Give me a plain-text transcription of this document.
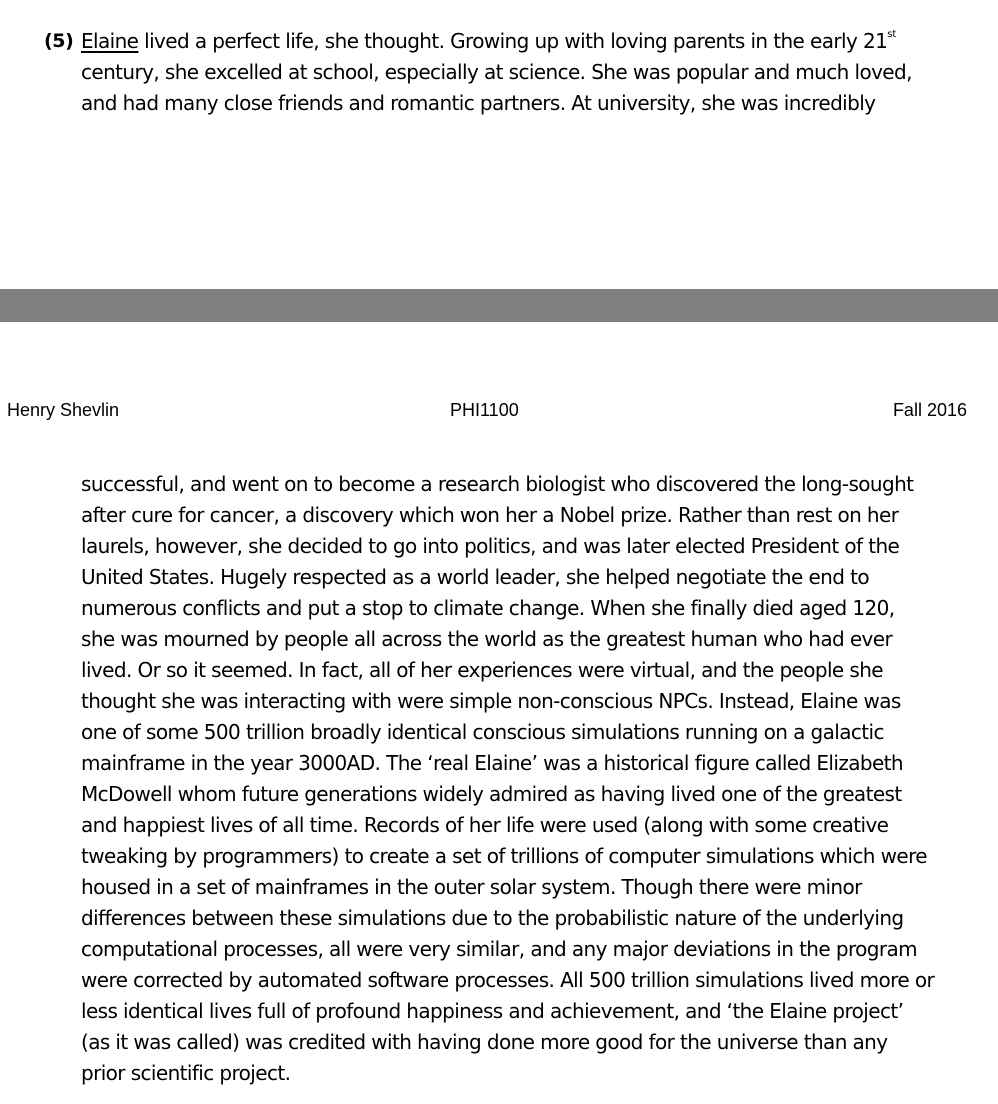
(5) Elaine lived a perfect life, she thought. Growing up with loving parents in the early 21st
century, she excelled at school, especially at science. She was popular and much loved,
and had many close friends and romantic partners. At university, she was incredibly
Henry Shevlin	PHI1100	Fall 2016
successful, and went on to become a research biologist who discovered the long-sought
after cure for cancer, a discovery which won her a Nobel prize. Rather than rest on her
laurels, however, she decided to go into politics, and was later elected President of the
United States. Hugely respected as a world leader, she helped negotiate the end to
numerous conflicts and put a stop to climate change. When she finally died aged 120,
she was mourned by people all across the world as the greatest human who had ever
lived. Or so it seemed. In fact, all of her experiences were virtual, and the people she
thought she was interacting with were simple non-conscious NPCs. Instead, Elaine was
one of some 500 trillion broadly identical conscious simulations running on a galactic
mainframe in the year 3000AD. The ‘real Elaine’ was a historical figure called Elizabeth
McDowell whom future generations widely admired as having lived one of the greatest
and happiest lives of all time. Records of her life were used (along with some creative
tweaking by programmers) to create a set of trillions of computer simulations which were
housed in a set of mainframes in the outer solar system. Though there were minor
differences between these simulations due to the probabilistic nature of the underlying
computational processes, all were very similar, and any major deviations in the program
were corrected by automated software processes. All 500 trillion simulations lived more or
less identical lives full of profound happiness and achievement, and ‘the Elaine project’
(as it was called) was credited with having done more good for the universe than any
prior scientific project.
